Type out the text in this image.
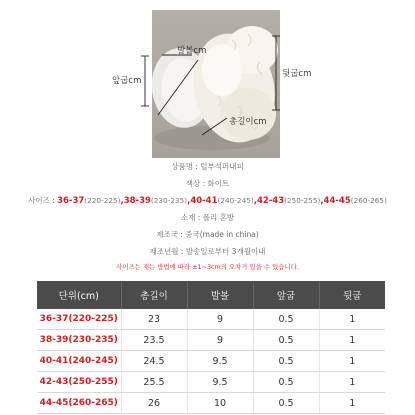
발볼cm
뒷굽cm
앞굽cm
총길이cm
상품명 : 털부석퍼내피
색상 : 화이트
사이즈 : 36-37(220-225),38-39(230-235),40-41(240-245),42-43(250-255),44-45(260-265)
소재 : 폴리 혼방
제조국 : 중국(made in china)
제조년월 : 발송일로부터 3개월이내
사이즈는 재는 방법에 따라 ±1~3cm의 오차가 있을 수 있습니다.
단위(cm)	총길이	발볼	앞굽	뒷굽
36-37(220-225)	23	9	0.5	1
38-39(230-235)	23.5	9	0.5	1
40-41(240-245)	24.5	9.5	0.5	1
42-43(250-255)	25.5	9.5	0.5	1
44-45(260-265)	26	10	0.5	1
